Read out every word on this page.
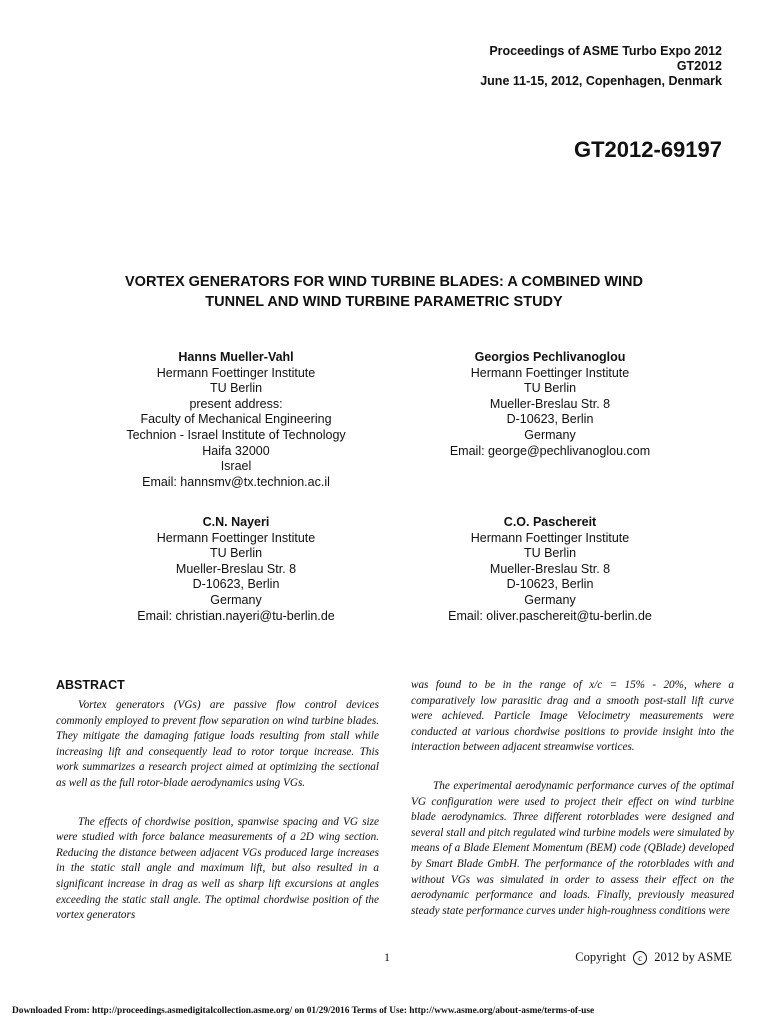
Proceedings of ASME Turbo Expo 2012
GT2012
June 11-15, 2012, Copenhagen, Denmark
GT2012-69197
VORTEX GENERATORS FOR WIND TURBINE BLADES: A COMBINED WIND
TUNNEL AND WIND TURBINE PARAMETRIC STUDY
Hanns Mueller-Vahl
Hermann Foettinger Institute
TU Berlin
present address:
Faculty of Mechanical Engineering
Technion - Israel Institute of Technology
Haifa 32000
Israel
Email: hannsmv@tx.technion.ac.il
Georgios Pechlivanoglou
Hermann Foettinger Institute
TU Berlin
Mueller-Breslau Str. 8
D-10623, Berlin
Germany
Email: george@pechlivanoglou.com
C.N. Nayeri
Hermann Foettinger Institute
TU Berlin
Mueller-Breslau Str. 8
D-10623, Berlin
Germany
Email: christian.nayeri@tu-berlin.de
C.O. Paschereit
Hermann Foettinger Institute
TU Berlin
Mueller-Breslau Str. 8
D-10623, Berlin
Germany
Email: oliver.paschereit@tu-berlin.de
ABSTRACT

Vortex generators (VGs) are passive flow control devices commonly employed to prevent flow separation on wind turbine blades. They mitigate the damaging fatigue loads resulting from stall while increasing lift and consequently lead to rotor torque increase. This work summarizes a research project aimed at optimizing the sectional as well as the full rotor-blade aerodynamics using VGs.

The effects of chordwise position, spanwise spacing and VG size were studied with force balance measurements of a 2D wing section. Reducing the distance between adjacent VGs produced large increases in the static stall angle and maximum lift, but also resulted in a significant increase in drag as well as sharp lift excursions at angles exceeding the static stall angle. The optimal chordwise position of the vortex generators

was found to be in the range of x/c = 15% - 20%, where a comparatively low parasitic drag and a smooth post-stall lift curve were achieved. Particle Image Velocimetry measurements were conducted at various chordwise positions to provide insight into the interaction between adjacent streamwise vortices.

The experimental aerodynamic performance curves of the optimal VG configuration were used to project their effect on wind turbine blade aerodynamics. Three different rotorblades were designed and several stall and pitch regulated wind turbine models were simulated by means of a Blade Element Momentum (BEM) code (QBlade) developed by Smart Blade GmbH. The performance of the rotorblades with and without VGs was simulated in order to assess their effect on the aerodynamic performance and loads. Finally, previously measured steady state performance curves under high-roughness conditions were

1	Copyright c 2012 by ASME
Downloaded From: http://proceedings.asmedigitalcollection.asme.org/ on 01/29/2016 Terms of Use: http://www.asme.org/about-asme/terms-of-use
